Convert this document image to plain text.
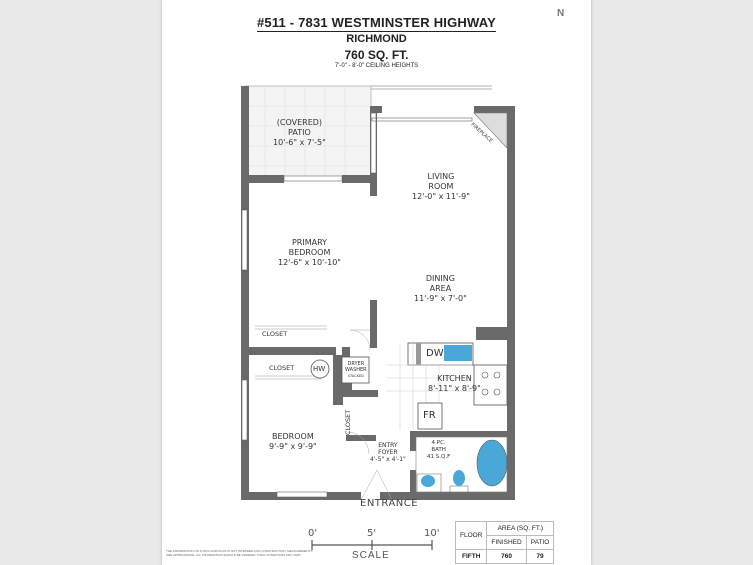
N
#511 - 7831 WESTMINSTER HIGHWAY
RICHMOND
760 SQ. FT.
7'-0" - 8'-0" CEILING HEIGHTS
(COVERED)
PATIO
10'-6" x 7'-5"
LIVING
ROOM
12'-0" x 11'-9"
PRIMARY
BEDROOM
12'-6" x 10'-10"
DINING
AREA
11'-9" x 7'-0"
KITCHEN
8'-11" x 8'-9"
BEDROOM
9'-9" x 9'-9"	ENTRY
FOYER
4'-5" x 4'-1"
4 PC.
BATH
41 S.Q.F
FIREPLACE
CLOSET
CLOSET
CLOSET
HW
DRYER
WASHER
STACKED
DW
FR
ENTRANCE
0'	5'	10'
SCALE
THE INFORMATION ON THIS FLOOR PLAN IS NOT INTENDED FOR CONSTRUCTION. MEASUREMENTS ARE APPROXIMATE. ALL INFORMATION SHOULD BE VERIFIED. FINAL CONDITIONS MAY VARY.
FLOOR	AREA (SQ. FT.)	
	FINISHED	PATIO
FIFTH	760	79
